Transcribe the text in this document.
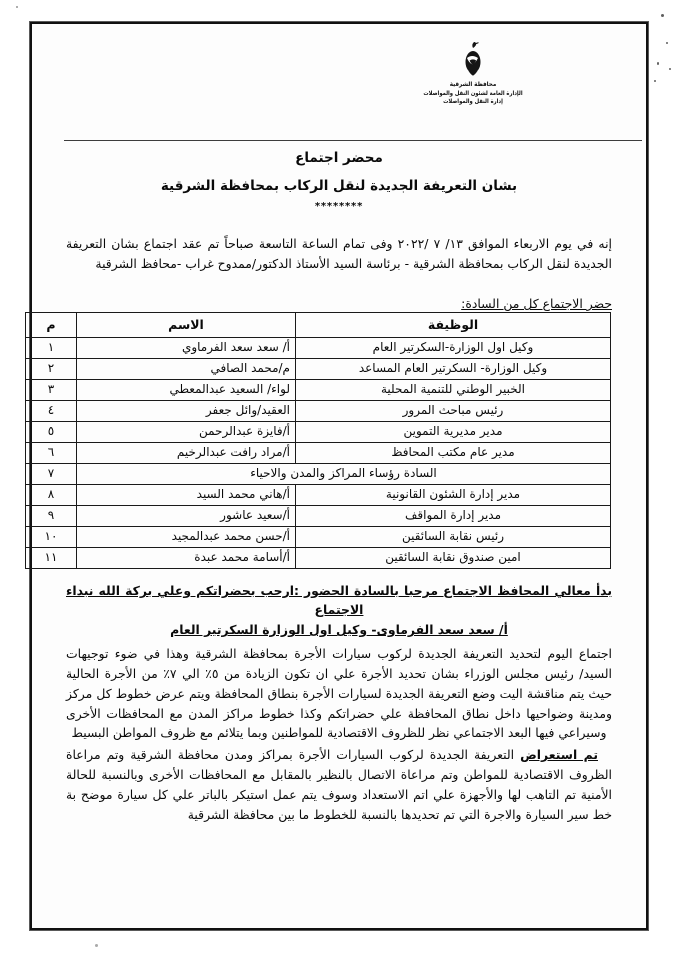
محافظة الشرقية
الإدارة العامة لشئون النقل والمواصلات
إدارة النقل والمواصلات
محضر اجتماع
بشان التعريفة الجديدة لنقل الركاب بمحافظة الشرقية
********

إنه في يوم الاربعاء الموافق ١٣/ ٧ /٢٠٢٢ وفى تمام الساعة التاسعة صباحاً تم عقد اجتماع بشان التعريفة الجديدة لنقل الركاب بمحافظة الشرقية - برئاسة السيد الأستاذ الدكتور/ممدوح غراب -محافظ الشرقية

حضر الاجتماع كل من السادة:
الوظيفة	الاسم	م
وكيل اول الوزارة-السكرتير العام	أ/ سعد سعد الفرماوي	١
وكيل الوزارة- السكرتير العام المساعد	م/محمد الصافي	٢
الخبير الوطني للتنمية المحلية	لواء/ السعيد عبدالمعطي	٣
رئيس مباحث المرور	العقيد/وائل جعفر	٤
مدير مديرية التموين	أ/فايزة عبدالرحمن	٥
مدير عام مكتب المحافظ	أ/مراد رافت عبدالرخيم	٦
السادة رؤساء المراكز والمدن والاحياء		٧
مدير إدارة الشئون القانونية	أ/هاني محمد السيد	٨
مدير إدارة المواقف	أ/سعيد عاشور	٩
رئيس نقابة السائقين	أ/حسن محمد عبدالمجيد	١٠
امين صندوق نقابة السائقين	أ/أسامة محمد عبدة	١١

بدأ معالي المحافظ الاجتماع مرحبا بالسادة الحضور :ارحب بحضراتكم وعلي بركة الله نبداء الاجتماع

أ/ سعد سعد الفرماوى- وكيل اول الوزارة السكرتير العام

اجتماع اليوم لتحديد التعريفة الجديدة لركوب سيارات الأجرة بمحافظة الشرقية وهذا في ضوء توجيهات السيد/ رئيس مجلس الوزراء بشان تحديد الأجرة علي ان تكون الزيادة من ٥٪ الي ٧٪ من الأجرة الحالية حيث يتم مناقشة اليت وضع التعريفة الجديدة لسيارات الأجرة بنطاق المحافظة ويتم عرض خطوط كل مركز ومدينة وضواحيها داخل نطاق المحافظة علي حضراتكم وكذا خطوط مراكز المدن مع المحافظات الأخرى وسيراعي فيها البعد الاجتماعي نظر للظروف الاقتصادية للمواطنين وبما يتلائم مع ظروف المواطن البسيط

تم استعراض التعريفة الجديدة لركوب السيارات الأجرة بمراكز ومدن محافظة الشرقية وتم مراعاة الظروف الاقتصادية للمواطن وتم مراعاة الاتصال بالنظير بالمقابل مع المحافظات الأخرى وبالنسبة للحالة الأمنية تم التاهب لها والأجهزة علي اتم الاستعداد وسوف يتم عمل استيكر بالباتر علي كل سيارة موضح بة خط سير السيارة والاجرة التي تم تحديدها بالنسبة للخطوط ما بين محافظة الشرقية
